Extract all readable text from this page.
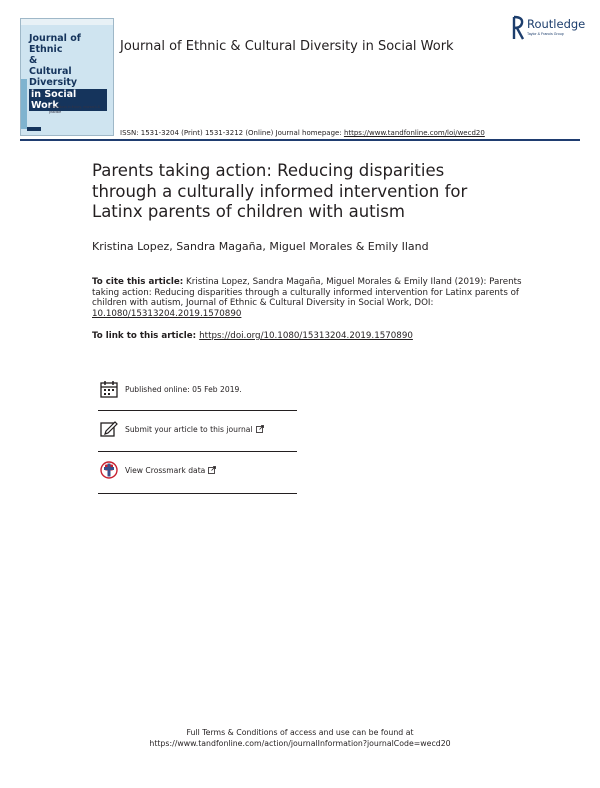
Journal of
Ethnic
&
Cultural Diversity
in Social Work
Innovations in theory, research & practice
Journal of Ethnic & Cultural Diversity in Social Work
Routledge
Taylor & Francis Group
ISSN: 1531-3204 (Print) 1531-3212 (Online) Journal homepage: https://www.tandfonline.com/loi/wecd20
Parents taking action: Reducing disparities through a culturally informed intervention for Latinx parents of children with autism
Kristina Lopez, Sandra Magaña, Miguel Morales & Emily Iland
To cite this article: Kristina Lopez, Sandra Magaña, Miguel Morales & Emily Iland (2019): Parents taking action: Reducing disparities through a culturally informed intervention for Latinx parents of children with autism, Journal of Ethnic & Cultural Diversity in Social Work, DOI: 10.1080/15313204.2019.1570890
To link to this article: https://doi.org/10.1080/15313204.2019.1570890
Published online: 05 Feb 2019.
Submit your article to this journal
View Crossmark data
Full Terms & Conditions of access and use can be found at
https://www.tandfonline.com/action/journalInformation?journalCode=wecd20
